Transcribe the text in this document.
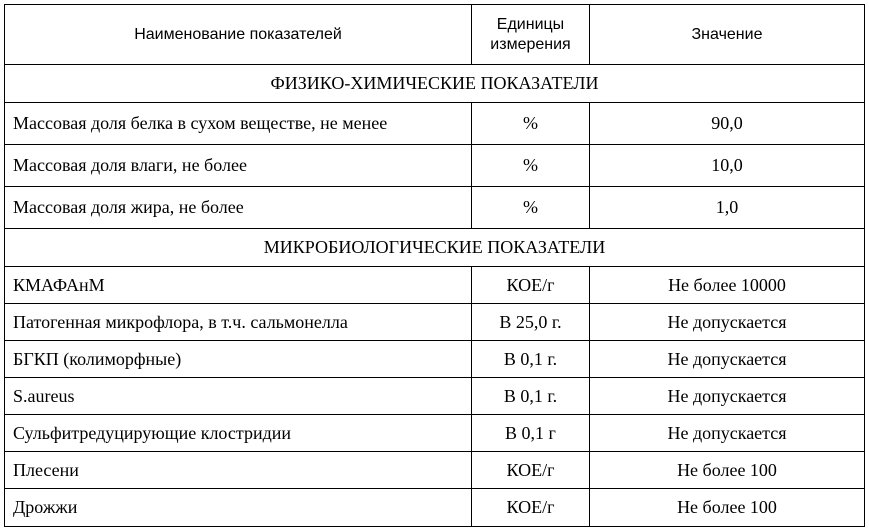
Наименование показателей	Единицы измерения	Значение
ФИЗИКО-ХИМИЧЕСКИЕ ПОКАЗАТЕЛИ		
Массовая доля белка в сухом веществе, не менее	%	90,0
Массовая доля влаги, не более	%	10,0
Массовая доля жира, не более	%	1,0
МИКРОБИОЛОГИЧЕСКИЕ ПОКАЗАТЕЛИ		
КМАФАнМ	КОЕ/г	Не более 10000
Патогенная микрофлора, в т.ч. сальмонелла	В 25,0 г.	Не допускается
БГКП (колиморфные)	В 0,1 г.	Не допускается
S.aureus	В 0,1 г.	Не допускается
Сульфитредуцирующие клостридии	В 0,1 г	Не допускается
Плесени	КОЕ/г	Не более 100
Дрожжи	КОЕ/г	Не более 100
